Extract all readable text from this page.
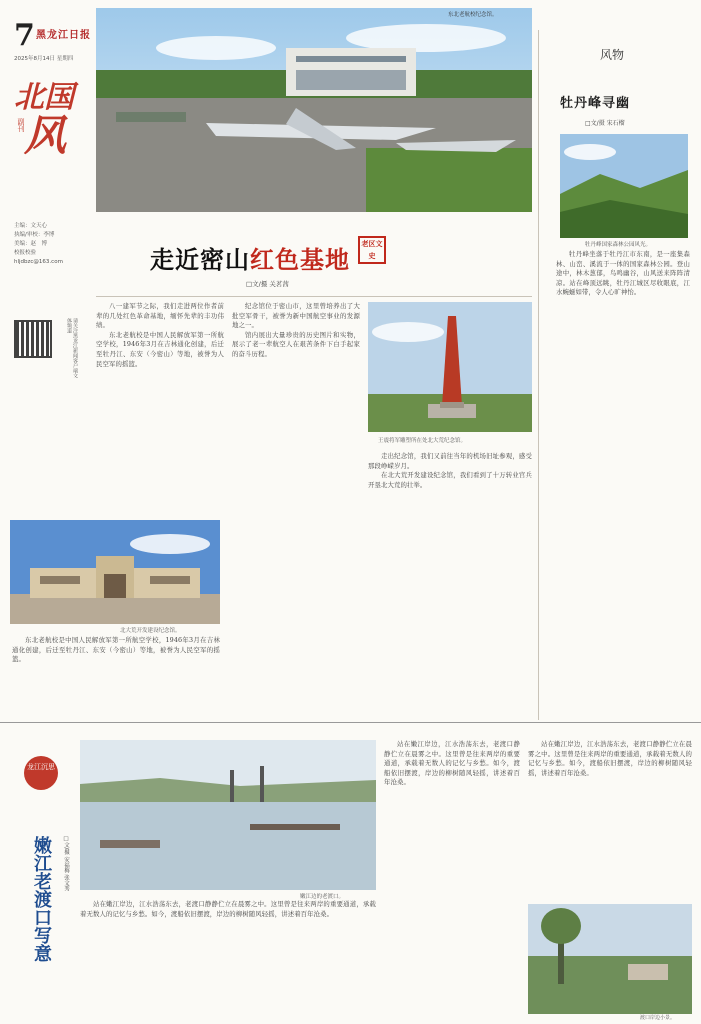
7 黑龙江日报
2025年8月14日 星期四
北国
风
副刊
主编：文天心
执编/审校：李博
美编：赵　博
校报校验
hljdbzc@163.com
请关注黑龙江新闻客户端文体频道
东北老航校纪念馆。
走近密山红色基地
老区文史
□文/摄 关茗茜

八一建军节之际，我们走进两位作者前辈的几处红色革命基地，缅怀先辈的丰功伟绩。

东北老航校是中国人民解放军第一所航空学校，1946年3月在吉林通化创建，后迁至牡丹江、东安（今密山）等地，被誉为人民空军的摇篮。

纪念馆位于密山市，这里曾培养出了大批空军骨干，被誉为新中国航空事业的发源地之一。

馆内展出大量珍贵的历史图片和实物，展示了老一辈航空人在艰苦条件下白手起家的奋斗历程。

走出纪念馆，我们又前往当年的机场旧址参观，感受那段峥嵘岁月。

在北大荒开发建设纪念馆，我们看到了十万转业官兵开垦北大荒的壮举。

王震将军雕塑所在处北大荒纪念馆。
北大荒开发建设纪念馆。

东北老航校是中国人民解放军第一所航空学校，1946年3月在吉林通化创建，后迁至牡丹江、东安（今密山）等地，被誉为人民空军的摇篮。

风物
牡丹峰寻幽
□文/摄 宋石榴
牡丹峰国家森林公园风光。

牡丹峰坐落于牡丹江市东南，是一座集森林、山峦、溪流于一体的国家森林公园。登山途中，林木葱郁，鸟鸣幽谷，山风送来阵阵清凉。站在峰顶远眺，牡丹江城区尽收眼底，江水蜿蜒如带，令人心旷神怡。

龙江沉思
嫩江老渡口写意	□文/摄 安福梅 张文秀
嫩江边的老渡口。

站在嫩江岸边，江水浩荡东去，老渡口静静伫立在晨雾之中。这里曾是往来两岸的重要通道，承载着无数人的记忆与乡愁。如今，渡船依旧摆渡，岸边的柳树随风轻摇，讲述着百年沧桑。

站在嫩江岸边，江水浩荡东去，老渡口静静伫立在晨雾之中。这里曾是往来两岸的重要通道，承载着无数人的记忆与乡愁。如今，渡船依旧摆渡，岸边的柳树随风轻摇，讲述着百年沧桑。

站在嫩江岸边，江水浩荡东去，老渡口静静伫立在晨雾之中。这里曾是往来两岸的重要通道，承载着无数人的记忆与乡愁。如今，渡船依旧摆渡，岸边的柳树随风轻摇，讲述着百年沧桑。

渡口岸边小景。
